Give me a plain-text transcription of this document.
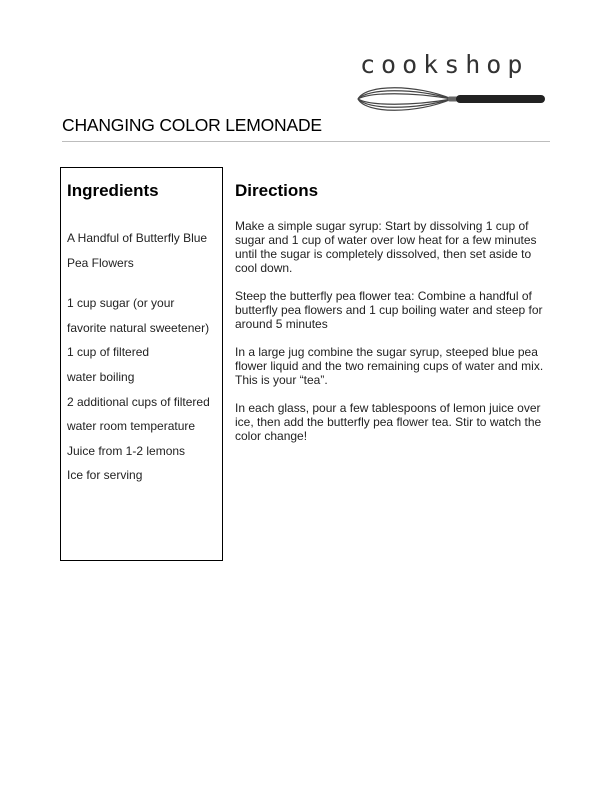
cookshop
CHANGING COLOR LEMONADE
Ingredients
A Handful of Butterfly Blue
Pea Flowers
1 cup sugar (or your
favorite natural sweetener)
1 cup of filtered
water boiling
2 additional cups of filtered
water room temperature
Juice from 1-2 lemons
Ice for serving
Directions

Make a simple sugar syrup: Start by dissolving 1 cup of sugar and 1 cup of water over low heat for a few minutes until the sugar is completely dissolved, then set aside to cool down.

Steep the butterfly pea flower tea: Combine a handful of butterfly pea flowers and 1 cup boiling water and steep for around 5 minutes

In a large jug combine the sugar syrup, steeped blue pea flower liquid and the two remaining cups of water and mix. This is your “tea”.

In each glass, pour a few tablespoons of lemon juice over ice, then add the butterfly pea flower tea. Stir to watch the color change!
